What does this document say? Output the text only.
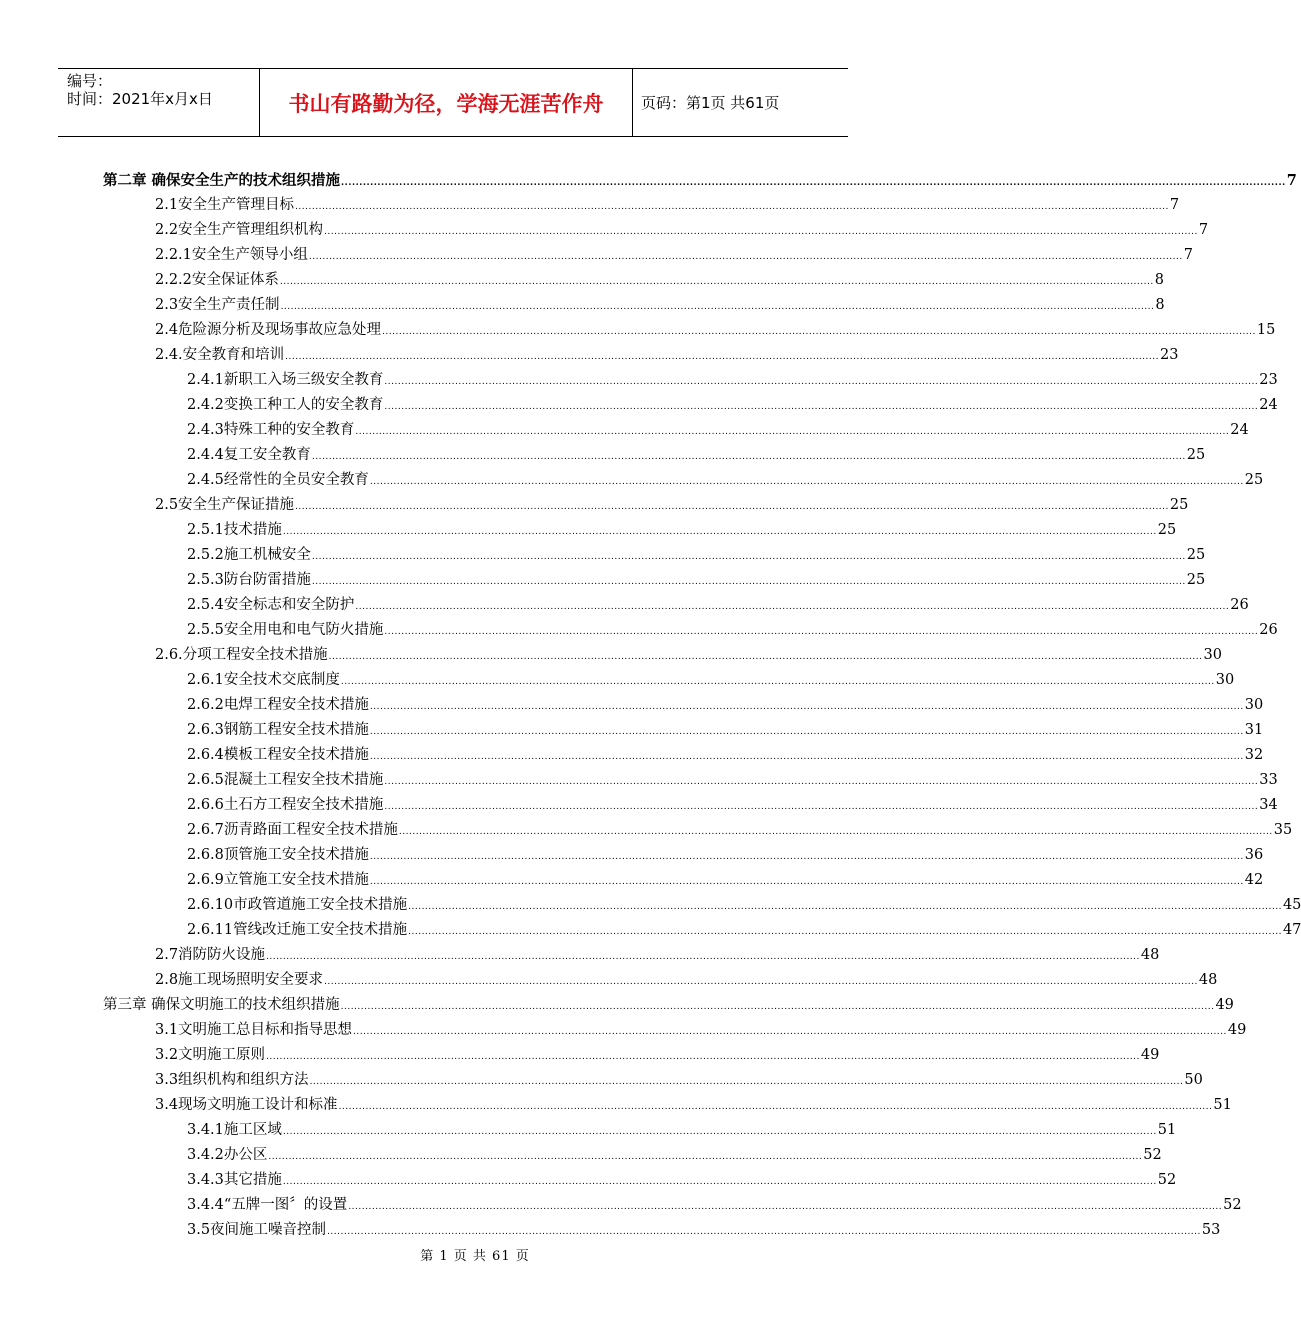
编号：
时间：2021年x月x日	书山有路勤为径，学海无涯苦作舟	页码：第1页 共61页
第二章 确保安全生产的技术组织措施 .................................................................................................................................................................................................................................................................... 7
2.1安全生产管理目标 .................................................................................................................................................................................................................................................................... 7
2.2安全生产管理组织机构 .................................................................................................................................................................................................................................................................... 7
2.2.1安全生产领导小组 .................................................................................................................................................................................................................................................................... 7
2.2.2安全保证体系 .................................................................................................................................................................................................................................................................... 8
2.3安全生产责任制 .................................................................................................................................................................................................................................................................... 8
2.4危险源分析及现场事故应急处理 .................................................................................................................................................................................................................................................................... 15
2.4.安全教育和培训 .................................................................................................................................................................................................................................................................... 23
2.4.1新职工入场三级安全教育 .................................................................................................................................................................................................................................................................... 23
2.4.2变换工种工人的安全教育 .................................................................................................................................................................................................................................................................... 24
2.4.3特殊工种的安全教育 .................................................................................................................................................................................................................................................................... 24
2.4.4复工安全教育 .................................................................................................................................................................................................................................................................... 25
2.4.5经常性的全员安全教育 .................................................................................................................................................................................................................................................................... 25
2.5安全生产保证措施 .................................................................................................................................................................................................................................................................... 25
2.5.1技术措施 .................................................................................................................................................................................................................................................................... 25
2.5.2施工机械安全 .................................................................................................................................................................................................................................................................... 25
2.5.3防台防雷措施 .................................................................................................................................................................................................................................................................... 25
2.5.4安全标志和安全防护 .................................................................................................................................................................................................................................................................... 26
2.5.5安全用电和电气防火措施 .................................................................................................................................................................................................................................................................... 26
2.6.分项工程安全技术措施 .................................................................................................................................................................................................................................................................... 30
2.6.1安全技术交底制度 .................................................................................................................................................................................................................................................................... 30
2.6.2电焊工程安全技术措施 .................................................................................................................................................................................................................................................................... 30
2.6.3钢筋工程安全技术措施 .................................................................................................................................................................................................................................................................... 31
2.6.4模板工程安全技术措施 .................................................................................................................................................................................................................................................................... 32
2.6.5混凝土工程安全技术措施 .................................................................................................................................................................................................................................................................... 33
2.6.6土石方工程安全技术措施 .................................................................................................................................................................................................................................................................... 34
2.6.7沥青路面工程安全技术措施 .................................................................................................................................................................................................................................................................... 35
2.6.8顶管施工安全技术措施 .................................................................................................................................................................................................................................................................... 36
2.6.9立管施工安全技术措施 .................................................................................................................................................................................................................................................................... 42
2.6.10市政管道施工安全技术措施 .................................................................................................................................................................................................................................................................... 45
2.6.11管线改迁施工安全技术措施 .................................................................................................................................................................................................................................................................... 47
2.7消防防火设施 .................................................................................................................................................................................................................................................................... 48
2.8施工现场照明安全要求 .................................................................................................................................................................................................................................................................... 48
第三章 确保文明施工的技术组织措施 .................................................................................................................................................................................................................................................................... 49
3.1文明施工总目标和指导思想 .................................................................................................................................................................................................................................................................... 49
3.2文明施工原则 .................................................................................................................................................................................................................................................................... 49
3.3组织机构和组织方法 .................................................................................................................................................................................................................................................................... 50
3.4现场文明施工设计和标准 .................................................................................................................................................................................................................................................................... 51
3.4.1施工区域 .................................................................................................................................................................................................................................................................... 51
3.4.2办公区 .................................................................................................................................................................................................................................................................... 52
3.4.3其它措施 .................................................................................................................................................................................................................................................................... 52
3.4.4“五牌一图〞的设置 .................................................................................................................................................................................................................................................................... 52
3.5夜间施工噪音控制 .................................................................................................................................................................................................................................................................... 53
第 1 页 共 61 页
